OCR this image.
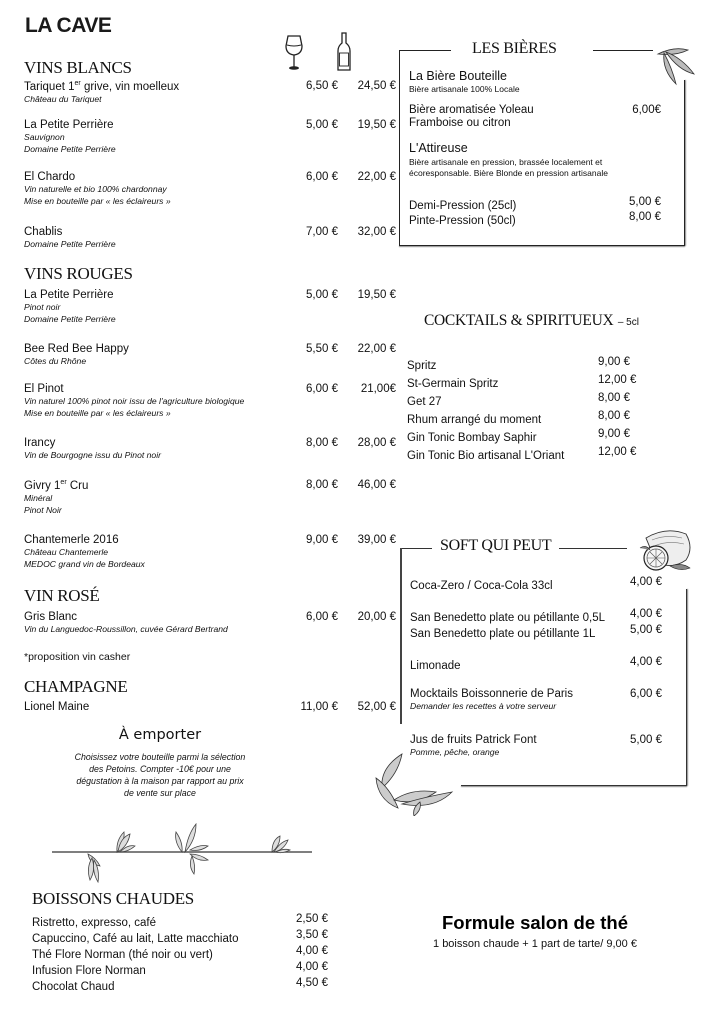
LA CAVE
VINS BLANCS
Tariquet 1er grive, vin moelleux
Château du Tariquet
6,50 €	24,50 €
La Petite Perrière
Sauvignon
Domaine Petite Perrière
5,00 €	19,50 €
El Chardo
Vin naturelle et bio 100% chardonnay
Mise en bouteille par « les éclaireurs »
6,00 €	22,00 €
Chablis
Domaine Petite Perrière
7,00 €	32,00 €
VINS ROUGES
La Petite Perrière
Pinot noir
Domaine Petite Perrière
5,00 €	19,50 €
Bee Red Bee Happy
Côtes du Rhône
5,50 €	22,00 €
El Pinot
Vin naturel 100% pinot noir issu de l'agriculture biologique
Mise en bouteille par « les éclaireurs »
6,00 €	21,00€
Irancy
Vin de Bourgogne issu du Pinot noir
8,00 €	28,00 €
Givry 1er Cru
Minéral
Pinot Noir
8,00 €	46,00 €
Chantemerle 2016
Château Chantemerle
MEDOC grand vin de Bordeaux
9,00 €	39,00 €
VIN ROSÉ
Gris Blanc
Vin du Languedoc-Roussillon, cuvée Gérard Bertrand
6,00 €	20,00 €
*proposition vin casher
CHAMPAGNE
Lionel Maine	11,00 €	52,00 €
À emporter
Choisissez votre bouteille parmi la sélection
des Petoins. Compter -10€ pour une
dégustation à la maison par rapport au prix
de vente sur place
BOISSONS CHAUDES
Ristretto, expresso, café	2,50 €
Capuccino, Café au lait, Latte macchiato	3,50 €
Thé Flore Norman (thé noir ou vert)	4,00 €
Infusion Flore Norman	4,00 €
Chocolat Chaud	4,50 €
LES BIÈRES
La Bière Bouteille
Bière artisanale 100% Locale
Bière aromatisée Yoleau
Framboise ou citron
6,00€
L'Attireuse
Bière artisanale en pression, brassée localement et
écoresponsable. Bière Blonde en pression artisanale
Demi-Pression (25cl)	5,00 €
Pinte-Pression (50cl)	8,00 €
COCKTAILS & SPIRITUEUX – 5cl
Spritz	9,00 €
St-Germain Spritz	12,00 €
Get 27	8,00 €
Rhum arrangé du moment	8,00 €
Gin Tonic Bombay Saphir	9,00 €
Gin Tonic Bio artisanal L'Oriant	12,00 €
SOFT QUI PEUT
Coca-Zero / Coca-Cola 33cl	4,00 €
San Benedetto plate ou pétillante 0,5L 4,00 €
San Benedetto plate ou pétillante 1L	5,00 €
Limonade	4,00 €
Mocktails Boissonnerie de Paris
Demander les recettes à votre serveur
6,00 €
Jus de fruits Patrick Font
Pomme, pêche, orange
5,00 €
Formule salon de thé
1 boisson chaude + 1 part de tarte/ 9,00 €
